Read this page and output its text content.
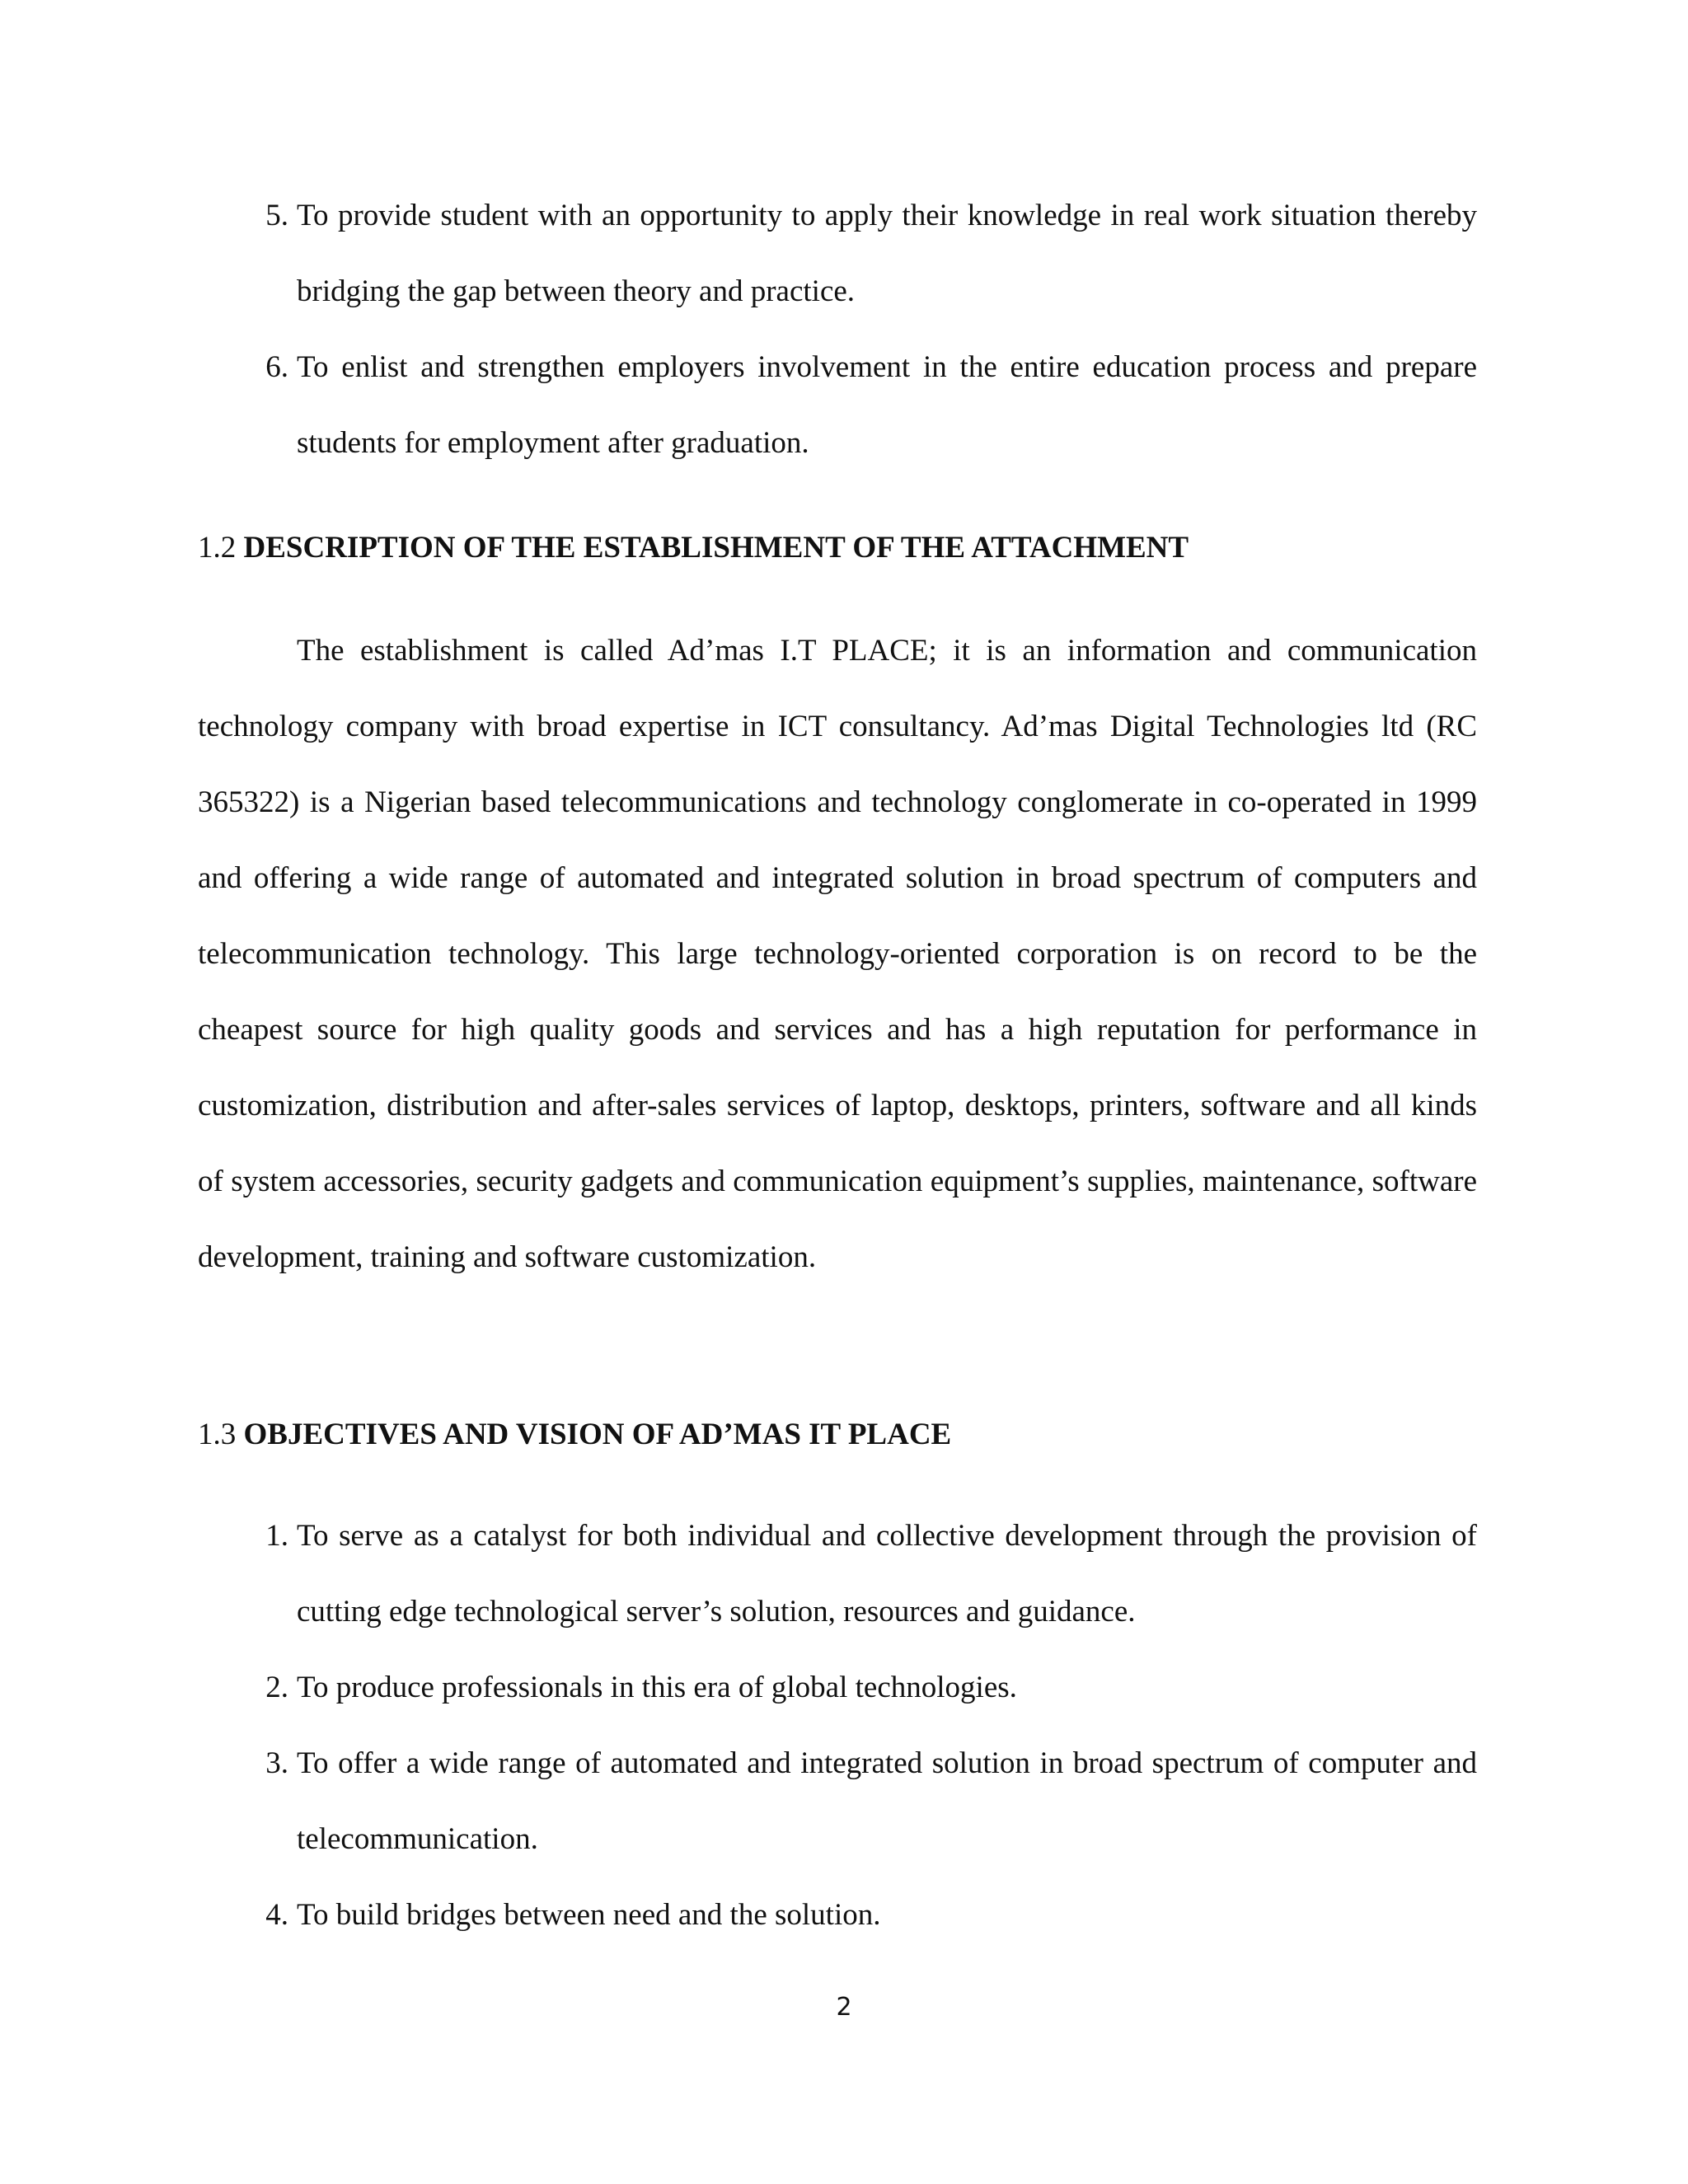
5. To provide student with an opportunity to apply their knowledge in real work situation thereby bridging the gap between theory and practice.
6. To enlist and strengthen employers involvement in the entire education process and prepare students for employment after graduation.
1.2 DESCRIPTION OF THE ESTABLISHMENT OF THE ATTACHMENT

The establishment is called Ad’mas I.T PLACE; it is an information and communication technology company with broad expertise in ICT consultancy. Ad’mas Digital Technologies ltd (RC 365322) is a Nigerian based telecommunications and technology conglomerate in co-operated in 1999 and offering a wide range of automated and integrated solution in broad spectrum of computers and telecommunication technology. This large technology-oriented corporation is on record to be the cheapest source for high quality goods and services and has a high reputation for performance in customization, distribution and after-sales services of laptop, desktops, printers, software and all kinds of system accessories, security gadgets and communication equipment’s supplies, maintenance, software development, training and software customization.

1.3 OBJECTIVES AND VISION OF AD’MAS IT PLACE
1. To serve as a catalyst for both individual and collective development through the provision of cutting edge technological server’s solution, resources and guidance.
2. To produce professionals in this era of global technologies.
3. To offer a wide range of automated and integrated solution in broad spectrum of computer and telecommunication.
4. To build bridges between need and the solution.
2
